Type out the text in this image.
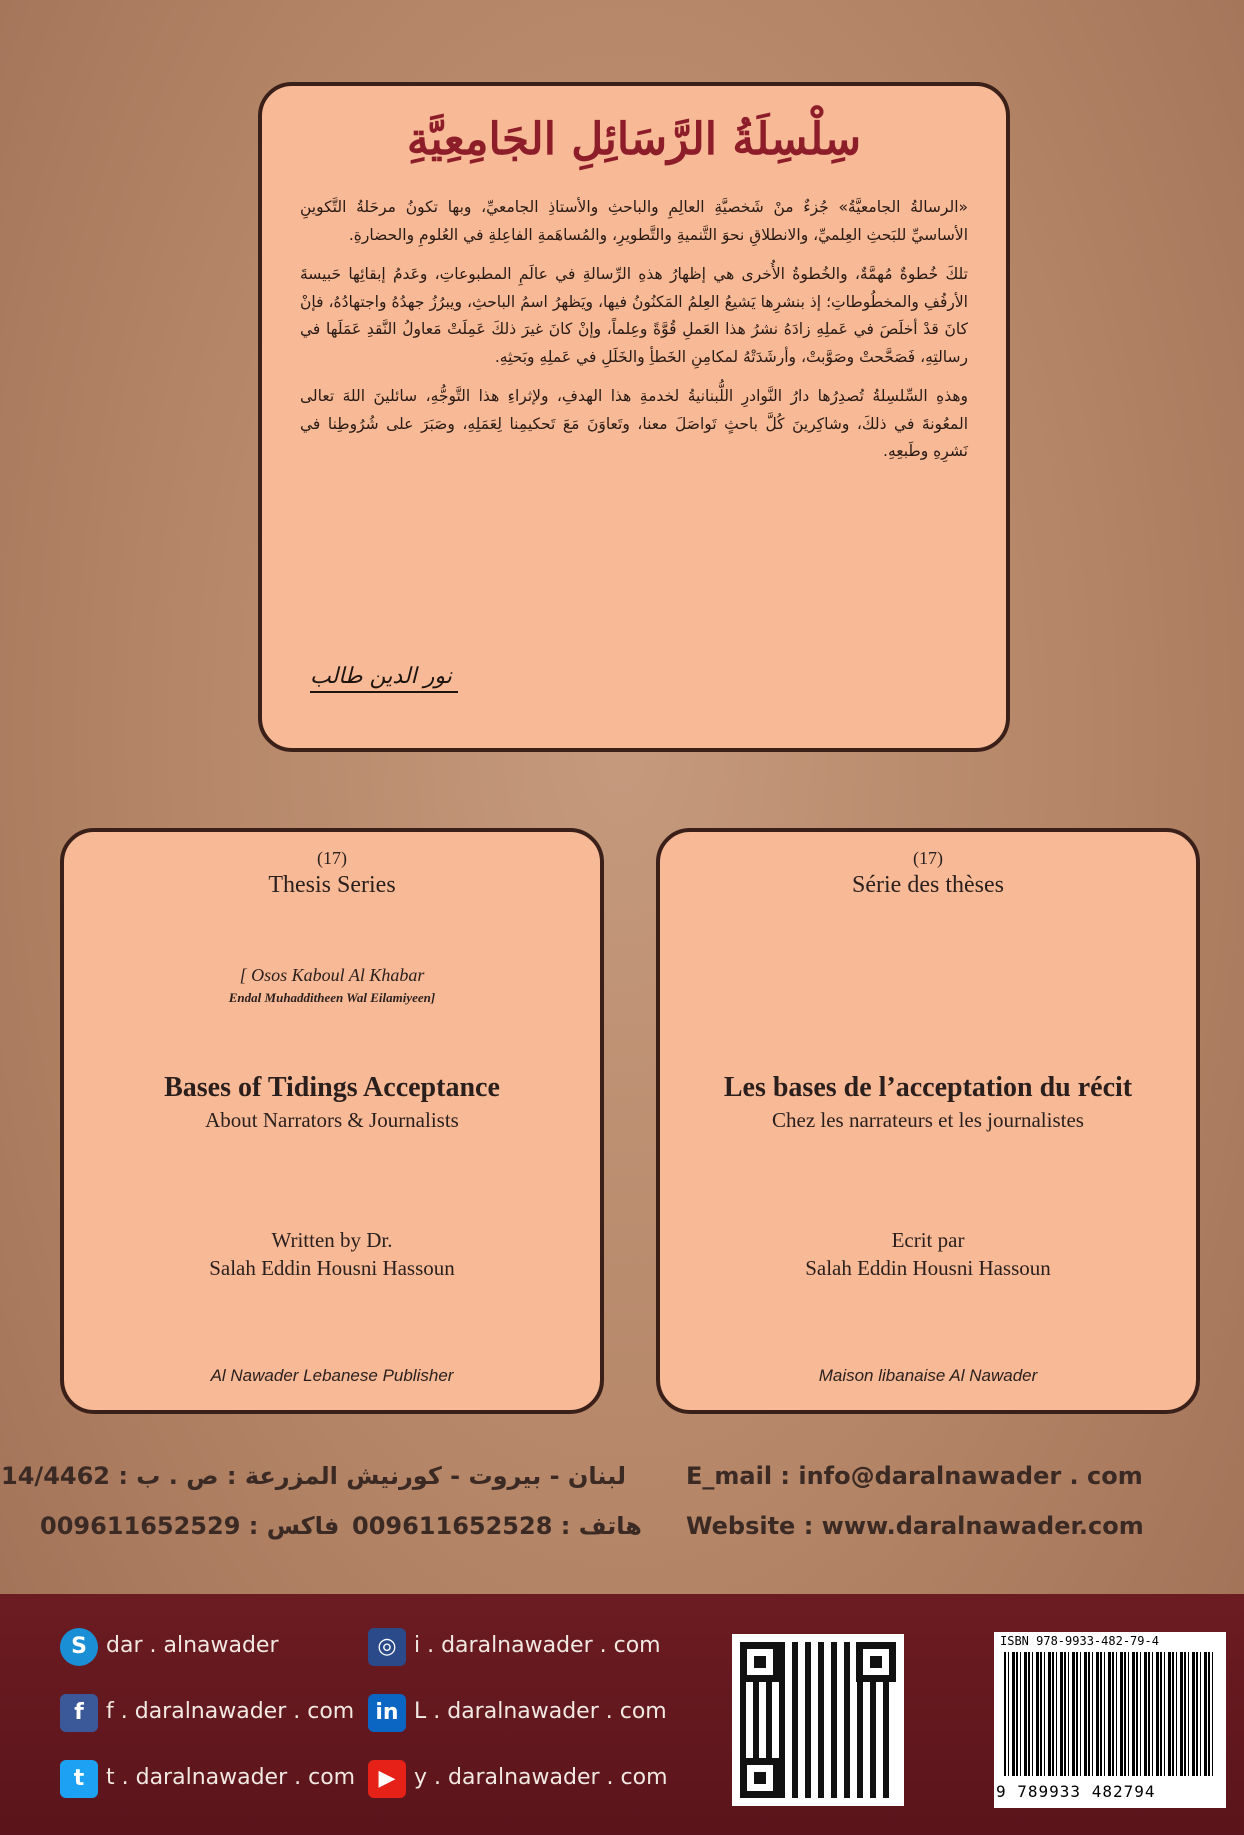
سِلْسِلَةُ الرَّسَائِلِ الجَامِعِيَّةِ

«الرسالةُ الجامعيَّةُ» جُزءٌ منْ شَخصيَّةِ العالِمِ والباحثِ والأستاذِ الجامعيِّ، وبها تكونُ مرحَلةُ التَّكوينِ الأساسيِّ للبَحثِ العِلميِّ، والانطلاقِ نحوَ التَّنميةِ والتَّطويرِ، والمُساهَمةِ الفاعِلةِ في العُلومِ والحضارةِ.

تلكَ خُطوةٌ مُهمَّةٌ، والخُطوةُ الأُخرى هي إظهارُ هذهِ الرِّسالةِ في عالَمِ المطبوعاتِ، وعَدمُ إبقائِها حَبيسةَ الأرفُفِ والمخطُوطاتِ؛ إذ بنشرِها يَشيعُ العِلمُ المَكنُونُ فيها، ويَظهرُ اسمُ الباحثِ، ويبرُزُ جهدُهُ واجتهادُهُ، فإنْ كانَ قدْ أخلَصَ في عَملِهِ زادَهُ نشرُ هذا العَملِ قُوَّةً وعِلماً، وإنْ كانَ غيرَ ذلكَ عَمِلَتْ مَعاولُ النَّقدِ عَمَلَها في رسالتِهِ، فَصَحَّحتْ وصَوَّبتْ، وأرشَدَتْهُ لمكامِنِ الخَطأِ والخَلَلِ في عَملِهِ وبَحثِهِ.

وهذهِ السِّلسِلةُ تُصدِرُها دارُ النَّوادرِ اللُّبنانيةُ لخدمةِ هذا الهدفِ، ولإثراءِ هذا التَّوجُّهِ، سائلينَ اللهَ تعالى المعُونةَ في ذلكَ، وشاكِرينَ كُلَّ باحثٍ تَواصَلَ معنا، وتَعاوَنَ مَعَ تَحكيمِنا لِعَمَلِهِ، وصَبَرَ على شُرُوطِنا في نَشرِهِ وطَبعِهِ.

نور الدين طالب
(17)
Thesis Series
[ Osos Kaboul Al Khabar
Endal Muhadditheen Wal Eilamiyeen]
Bases of Tidings Acceptance
About Narrators & Journalists
Written by Dr.
Salah Eddin Housni Hassoun
Al Nawader Lebanese Publisher
(17)
Série des thèses
Les bases de l’acceptation du récit
Chez les narrateurs et les journalistes
Ecrit par
Salah Eddin Housni Hassoun
Maison libanaise Al Nawader
E_mail : info@daralnawader . com
Website : www.daralnawader.com
لبنان - بيروت - كورنيش المزرعة : ص . ب : 14/4462
فاكس : 009611652529 هاتف : 009611652528
S dar . alnawader	◎ i . daralnawader . com
f	f . daralnawader . com in L . daralnawader . com
t t . daralnawader . com	▶ y . daralnawader . com
ISBN 978-9933-482-79-4
9 789933 482794
